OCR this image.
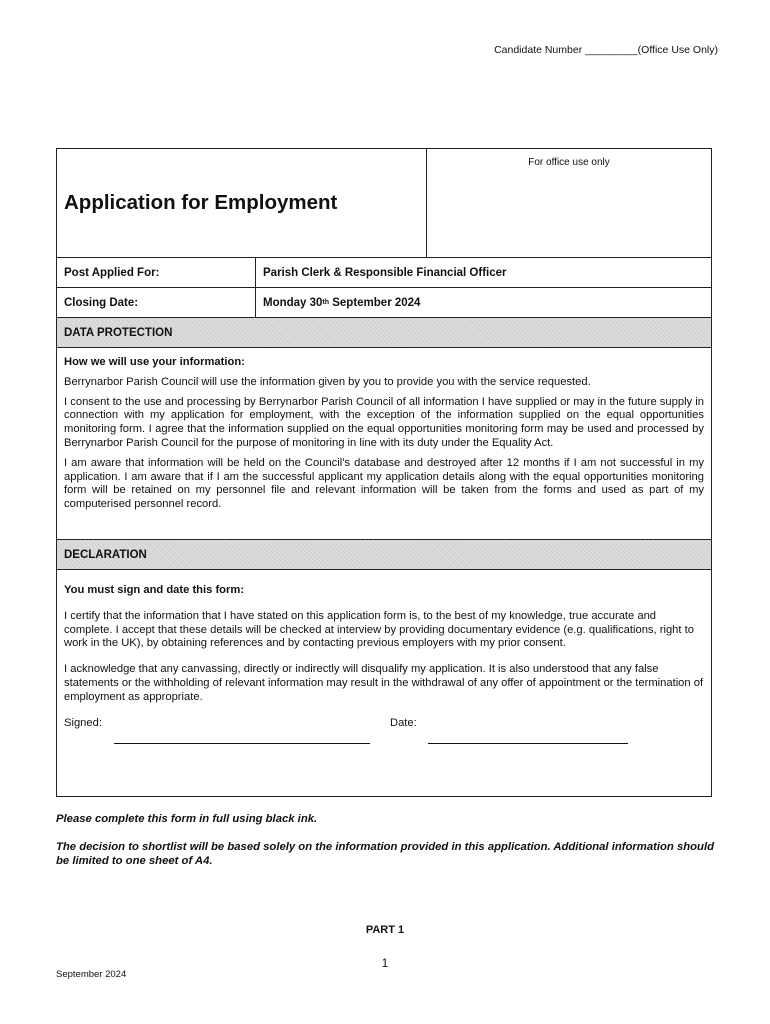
Candidate Number _________(Office Use Only)
Application for Employment
For office use only
Post Applied For:	Parish Clerk & Responsible Financial Officer
Closing Date:	Monday 30 th September 2024
DATA PROTECTION
How we will use your information:

Berrynarbor Parish Council will use the information given by you to provide you with the service requested.

I consent to the use and processing by Berrynarbor Parish Council of all information I have supplied or may in the future supply in connection with my application for employment, with the exception of the information supplied on the equal opportunities monitoring form. I agree that the information supplied on the equal opportunities monitoring form may be used and processed by Berrynarbor Parish Council for the purpose of monitoring in line with its duty under the Equality Act.

I am aware that information will be held on the Council’s database and destroyed after 12 months if I am not successful in my application. I am aware that if I am the successful applicant my application details along with the equal opportunities monitoring form will be retained on my personnel file and relevant information will be taken from the forms and used as part of my computerised personnel record.

DECLARATION
You must sign and date this form:

I certify that the information that I have stated on this application form is, to the best of my knowledge, true accurate and complete. I accept that these details will be checked at interview by providing documentary evidence (e.g. qualifications, right to work in the UK), by obtaining references and by contacting previous employers with my prior consent.

I acknowledge that any canvassing, directly or indirectly will disqualify my application. It is also understood that any false statements or the withholding of relevant information may result in the withdrawal of any offer of appointment or the termination of employment as appropriate.

Signed:	Date:

Please complete this form in full using black ink.

The decision to shortlist will be based solely on the information provided in this application. Additional information should be limited to one sheet of A4.

PART 1
1
September 2024
